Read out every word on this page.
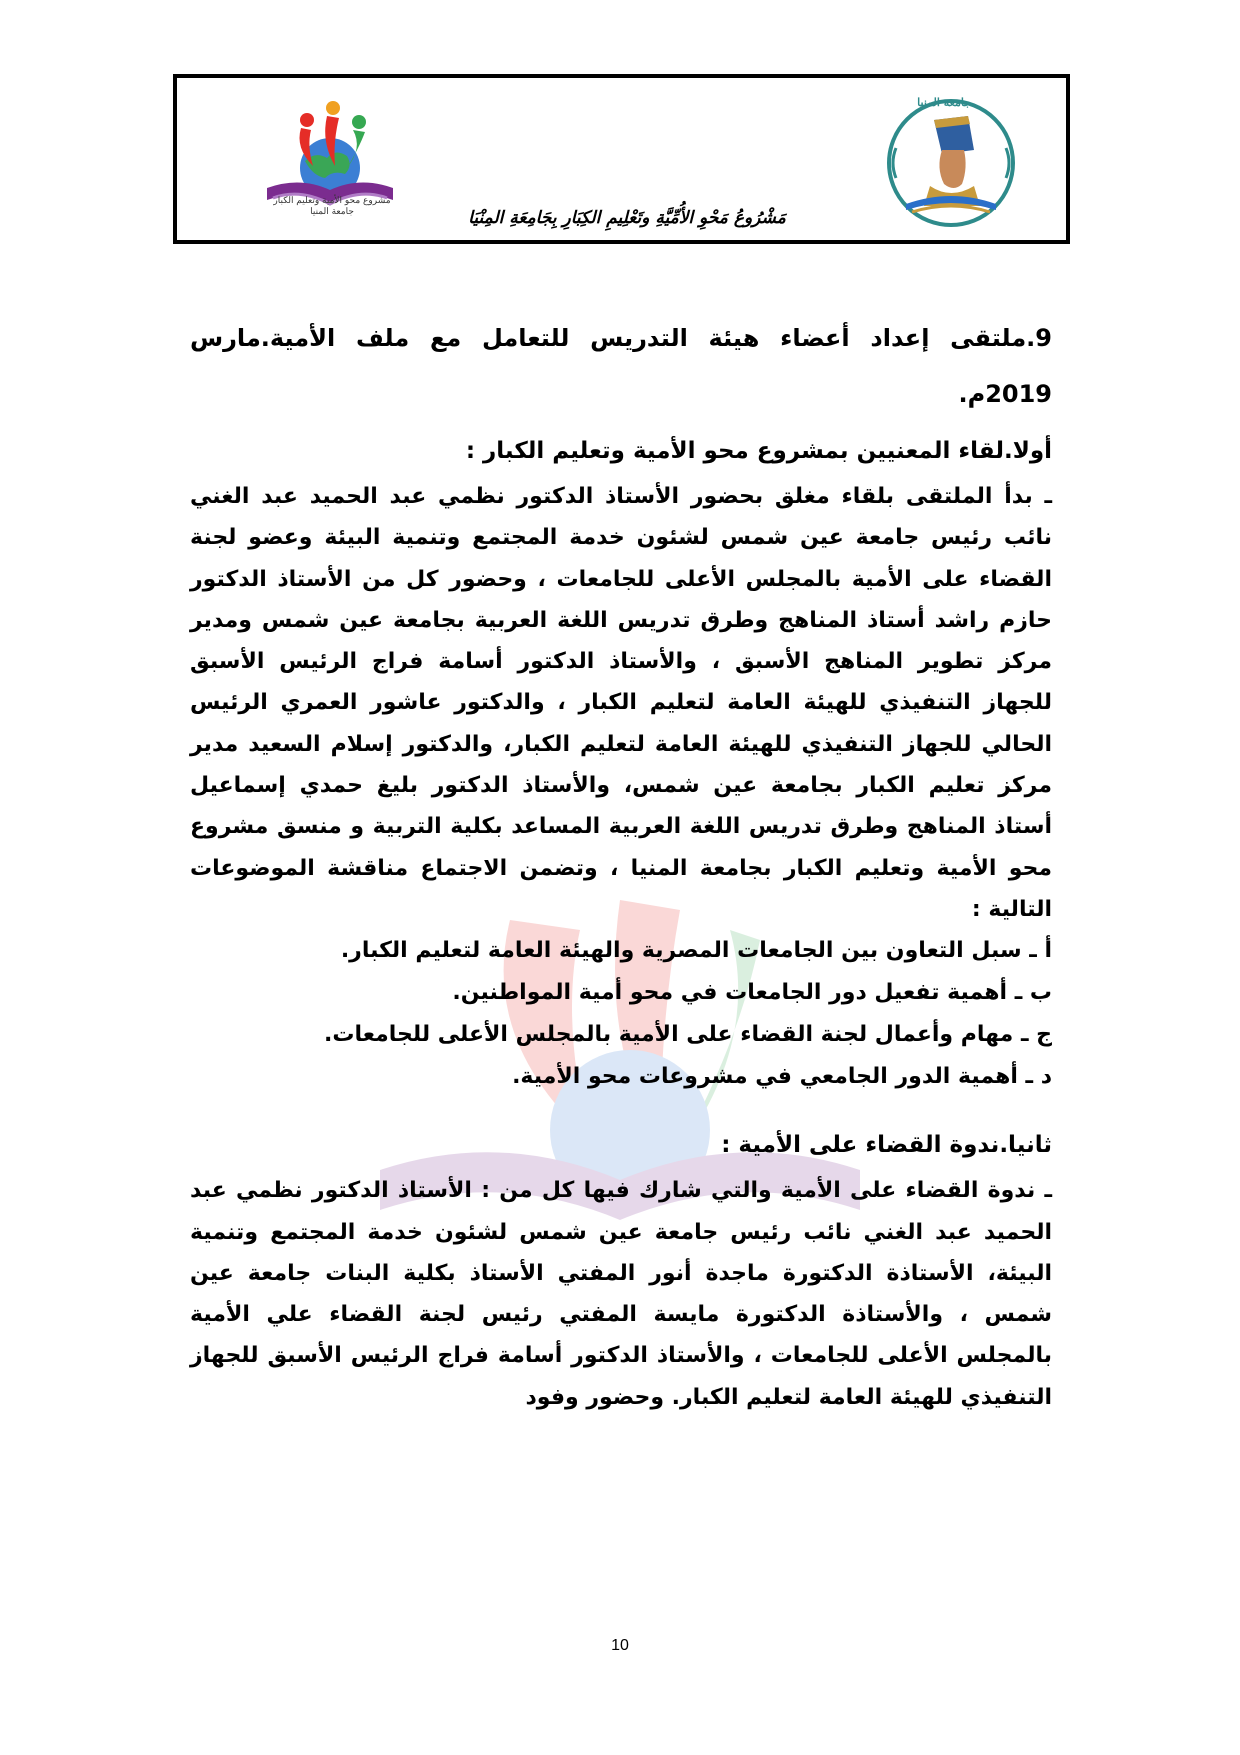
مشروع محو الأمية وتعليم الكبار جامعة المنيا	مَشْرُوعُ مَحْوِ الأُمِّيَّةِ وتَعْلِيمِ الكِبَارِ بِجَامِعَةِ المِنْيَا
جامعة المنيا

9.ملتقى إعداد أعضاء هيئة التدريس للتعامل مع ملف الأمية.مارس 2019م.

أولا.لقاء المعنيين بمشروع محو الأمية وتعليم الكبار :

ـ بدأ الملتقى بلقاء مغلق بحضور الأستاذ الدكتور نظمي عبد الحميد عبد الغني نائب رئيس جامعة عين شمس لشئون خدمة المجتمع وتنمية البيئة وعضو لجنة القضاء على الأمية بالمجلس الأعلى للجامعات ، وحضور كل من الأستاذ الدكتور حازم راشد أستاذ المناهج وطرق تدريس اللغة العربية بجامعة عين شمس ومدير مركز تطوير المناهج الأسبق ، والأستاذ الدكتور أسامة فراج الرئيس الأسبق للجهاز التنفيذي للهيئة العامة لتعليم الكبار ، والدكتور عاشور العمري الرئيس الحالي للجهاز التنفيذي للهيئة العامة لتعليم الكبار، والدكتور إسلام السعيد مدير مركز تعليم الكبار بجامعة عين شمس، والأستاذ الدكتور بليغ حمدي إسماعيل أستاذ المناهج وطرق تدريس اللغة العربية المساعد بكلية التربية و منسق مشروع محو الأمية وتعليم الكبار بجامعة المنيا ، وتضمن الاجتماع مناقشة الموضوعات التالية :

أ ـ سبل التعاون بين الجامعات المصرية والهيئة العامة لتعليم الكبار.

ب ـ أهمية تفعيل دور الجامعات في محو أمية المواطنين.

ج ـ مهام وأعمال لجنة القضاء على الأمية بالمجلس الأعلى للجامعات.

د ـ أهمية الدور الجامعي في مشروعات محو الأمية.

ثانيا.ندوة القضاء على الأمية :

ـ ندوة القضاء على الأمية والتي شارك فيها كل من : الأستاذ الدكتور نظمي عبد الحميد عبد الغني نائب رئيس جامعة عين شمس لشئون خدمة المجتمع وتنمية البيئة، الأستاذة الدكتورة ماجدة أنور المفتي الأستاذ بكلية البنات جامعة عين شمس ، والأستاذة الدكتورة مايسة المفتي رئيس لجنة القضاء علي الأمية بالمجلس الأعلى للجامعات ، والأستاذ الدكتور أسامة فراج الرئيس الأسبق للجهاز التنفيذي للهيئة العامة لتعليم الكبار. وحضور وفود

10
